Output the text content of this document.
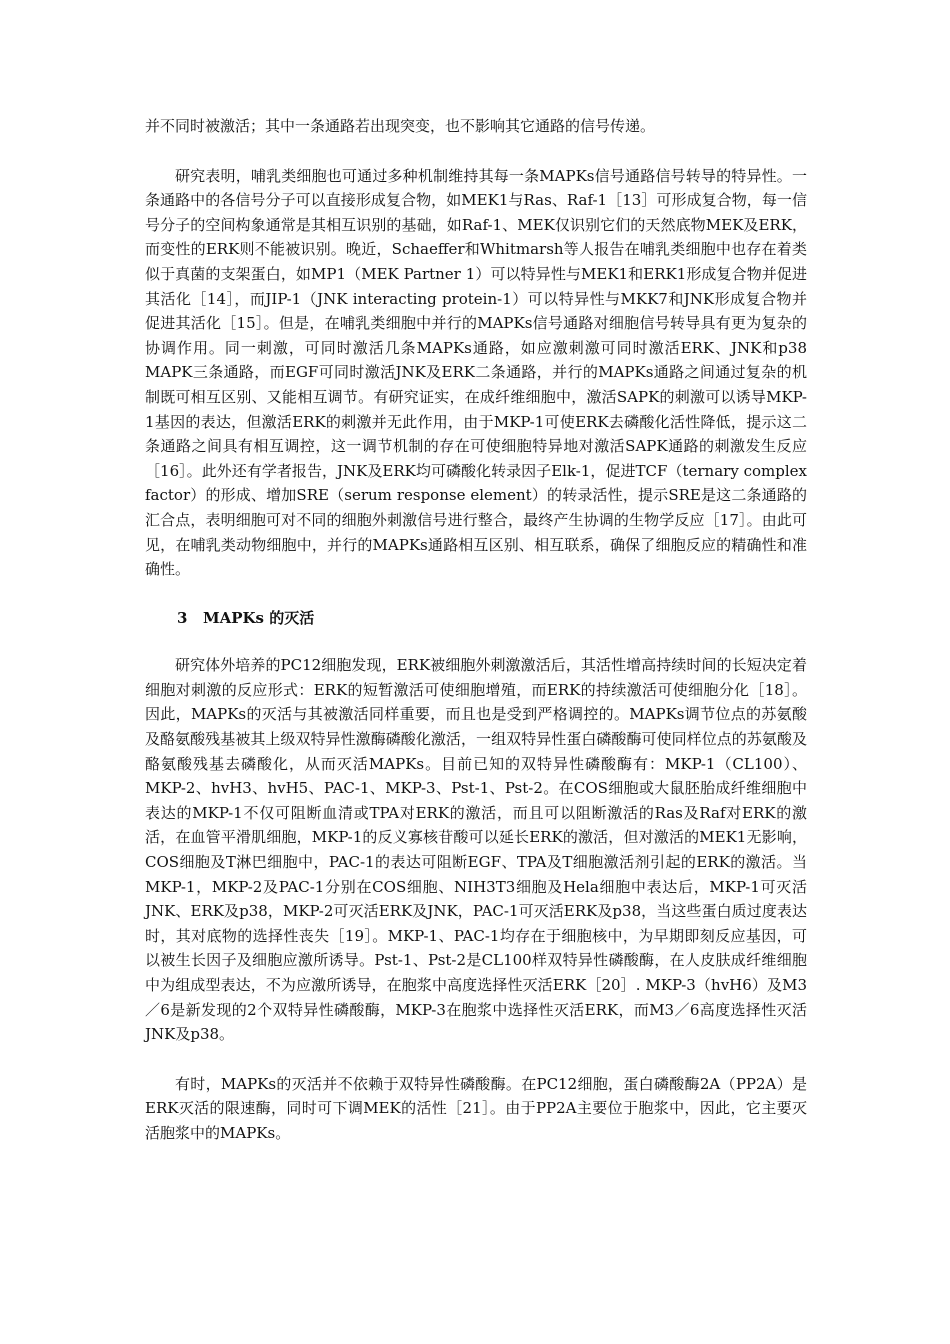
并不同时被激活；其中一条通路若出现突变，也不影响其它通路的信号传递。

研究表明，哺乳类细胞也可通过多种机制维持其每一条MAPKs信号通路信号转导的特异性。一条通路中的各信号分子可以直接形成复合物，如MEK1与Ras、Raf-1［13］可形成复合物，每一信号分子的空间构象通常是其相互识别的基础，如Raf-1、MEK仅识别它们的天然底物MEK及ERK，而变性的ERK则不能被识别。晚近，Schaeffer和Whitmarsh等人报告在哺乳类细胞中也存在着类似于真菌的支架蛋白，如MP1（MEK Partner 1）可以特异性与MEK1和ERK1形成复合物并促进其活化［14］，而JIP-1（JNK interacting protein-1）可以特异性与MKK7和JNK形成复合物并促进其活化［15］。但是，在哺乳类细胞中并行的MAPKs信号通路对细胞信号转导具有更为复杂的协调作用。同一刺激，可同时激活几条MAPKs通路，如应激刺激可同时激活ERK、JNK和p38 MAPK三条通路，而EGF可同时激活JNK及ERK二条通路，并行的MAPKs通路之间通过复杂的机制既可相互区别、又能相互调节。有研究证实，在成纤维细胞中，激活SAPK的刺激可以诱导MKP-1基因的表达，但激活ERK的刺激并无此作用，由于MKP-1可使ERK去磷酸化活性降低，提示这二条通路之间具有相互调控，这一调节机制的存在可使细胞特异地对激活SAPK通路的刺激发生反应［16］。此外还有学者报告，JNK及ERK均可磷酸化转录因子Elk-1，促进TCF（ternary complex factor）的形成、增加SRE（serum response element）的转录活性，提示SRE是这二条通路的汇合点，表明细胞可对不同的细胞外刺激信号进行整合，最终产生协调的生物学反应［17］。由此可见，在哺乳类动物细胞中，并行的MAPKs通路相互区别、相互联系，确保了细胞反应的精确性和准确性。

3 MAPKs 的灭活

研究体外培养的PC12细胞发现，ERK被细胞外刺激激活后，其活性增高持续时间的长短决定着细胞对刺激的反应形式：ERK的短暂激活可使细胞增殖，而ERK的持续激活可使细胞分化［18］。因此，MAPKs的灭活与其被激活同样重要，而且也是受到严格调控的。MAPKs调节位点的苏氨酸及酪氨酸残基被其上级双特异性激酶磷酸化激活，一组双特异性蛋白磷酸酶可使同样位点的苏氨酸及酪氨酸残基去磷酸化，从而灭活MAPKs。目前已知的双特异性磷酸酶有：MKP-1（CL100）、MKP-2、hvH3、hvH5、PAC-1、MKP-3、Pst-1、Pst-2。在COS细胞或大鼠胚胎成纤维细胞中表达的MKP-1不仅可阻断血清或TPA对ERK的激活，而且可以阻断激活的Ras及Raf对ERK的激活，在血管平滑肌细胞，MKP-1的反义寡核苷酸可以延长ERK的激活，但对激活的MEK1无影响，COS细胞及T淋巴细胞中，PAC-1的表达可阻断EGF、TPA及T细胞激活剂引起的ERK的激活。当MKP-1，MKP-2及PAC-1分别在COS细胞、NIH3T3细胞及Hela细胞中表达后，MKP-1可灭活JNK、ERK及p38，MKP-2可灭活ERK及JNK，PAC-1可灭活ERK及p38，当这些蛋白质过度表达时，其对底物的选择性丧失［19］。MKP-1、PAC-1均存在于细胞核中，为早期即刻反应基因，可以被生长因子及细胞应激所诱导。Pst-1、Pst-2是CL100样双特异性磷酸酶，在人皮肤成纤维细胞中为组成型表达，不为应激所诱导，在胞浆中高度选择性灭活ERK［20］. MKP-3（hvH6）及M3／6是新发现的2个双特异性磷酸酶，MKP-3在胞浆中选择性灭活ERK，而M3／6高度选择性灭活JNK及p38。

有时，MAPKs的灭活并不依赖于双特异性磷酸酶。在PC12细胞，蛋白磷酸酶2A（PP2A）是ERK灭活的限速酶，同时可下调MEK的活性［21］。由于PP2A主要位于胞浆中，因此，它主要灭活胞浆中的MAPKs。
